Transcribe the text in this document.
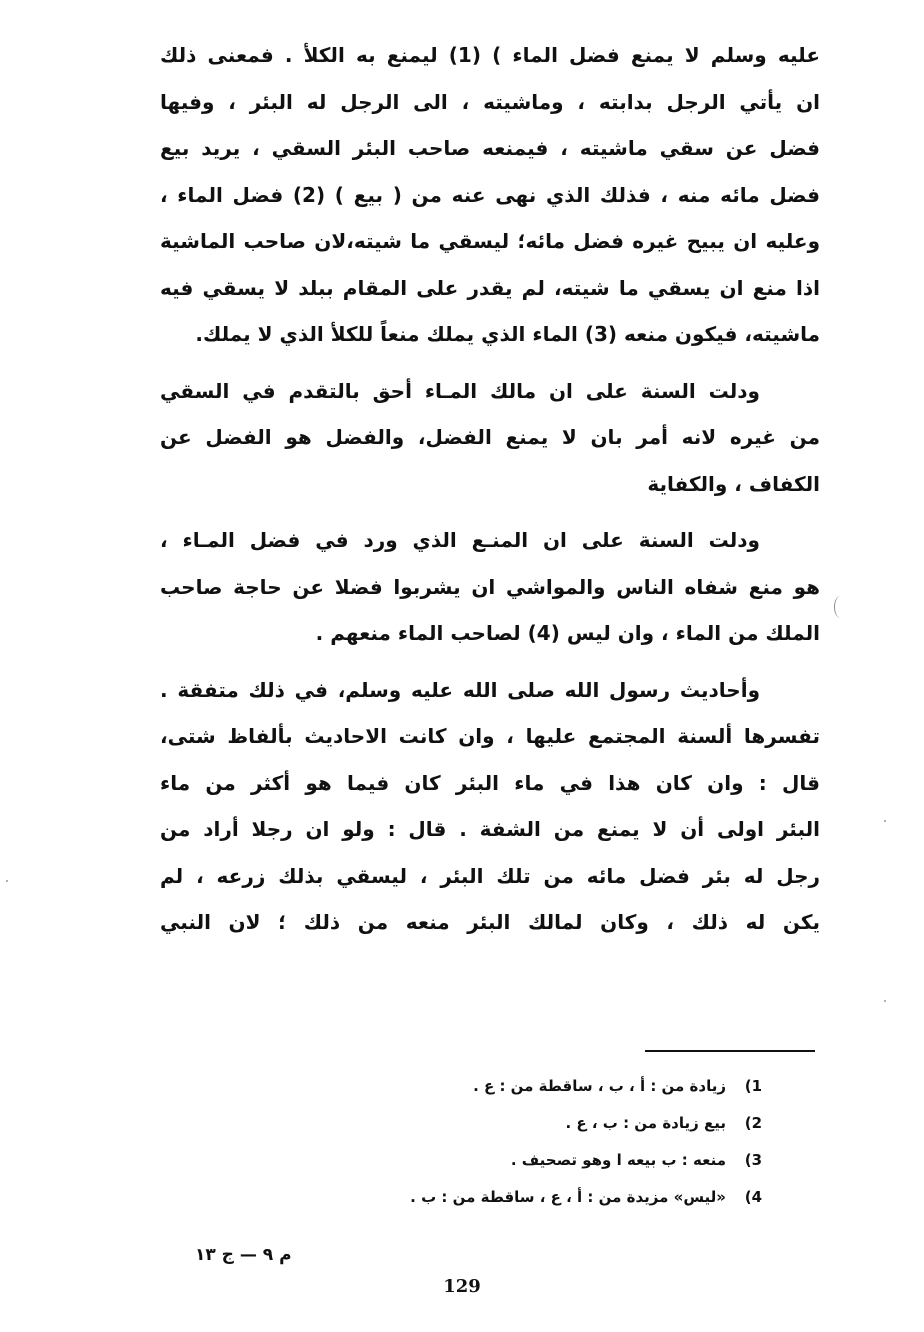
عليه وسلم لا يمنع فضل الماء ) (1) ليمنع به الكلأ . فمعنى ذلك
ان يأتي الرجل بدابته ، وماشيته ، الى الرجل له البئر ، وفيها
فضل عن سقي ماشيته ، فيمنعه صاحب البئر السقي ، يريد بيع
فضل مائه منه ، فذلك الذي نهى عنه من ( بيع ) (2) فضل الماء ،
وعليه ان يبيح غيره فضل مائه؛ ليسقي ما شيته،لان صاحب الماشية
اذا منع ان يسقي ما شيته، لم يقدر على المقام ببلد لا يسقي فيه
ماشيته، فيكون منعه (3) الماء الذي يملك منعاً للكلأ الذي لا يملك.
ودلت السنة على ان مالك المـاء أحق بالتقدم في السقي
من غيره لانه أمر بان لا يمنع الفضل، والفضل هو الفضل عن
الكفاف ، والكفاية
ودلت السنة على ان المنـع الذي ورد في فضل المـاء ،
هو منع شفاه الناس والمواشي ان يشربوا فضلا عن حاجة صاحب
الملك من الماء ، وان ليس (4) لصاحب الماء منعهم .
وأحاديث رسول الله صلى الله عليه وسلم، في ذلك متفقة .
تفسرها ألسنة المجتمع عليها ، وان كانت الاحاديث بألفاظ شتى،
قال : وان كان هذا في ماء البئر كان فيما هو أكثر من ماء
البئر اولى أن لا يمنع من الشفة . قال : ولو ان رجلا أراد من
رجل له بئر فضل مائه من تلك البئر ، ليسقي بذلك زرعه ، لم
يكن له ذلك ، وكان لمالك البئر منعه من ذلك ؛ لان النبي
1)زيادة من : أ ، ب ، ساقطة من : ع .
2)بيع زيادة من : ب ، ع .
3)منعه : ب بيعه ا وهو تصحيف .
4)«ليس» مزيدة من : أ ، ع ، ساقطة من : ب .
م ٩ — ج ١٣
129
